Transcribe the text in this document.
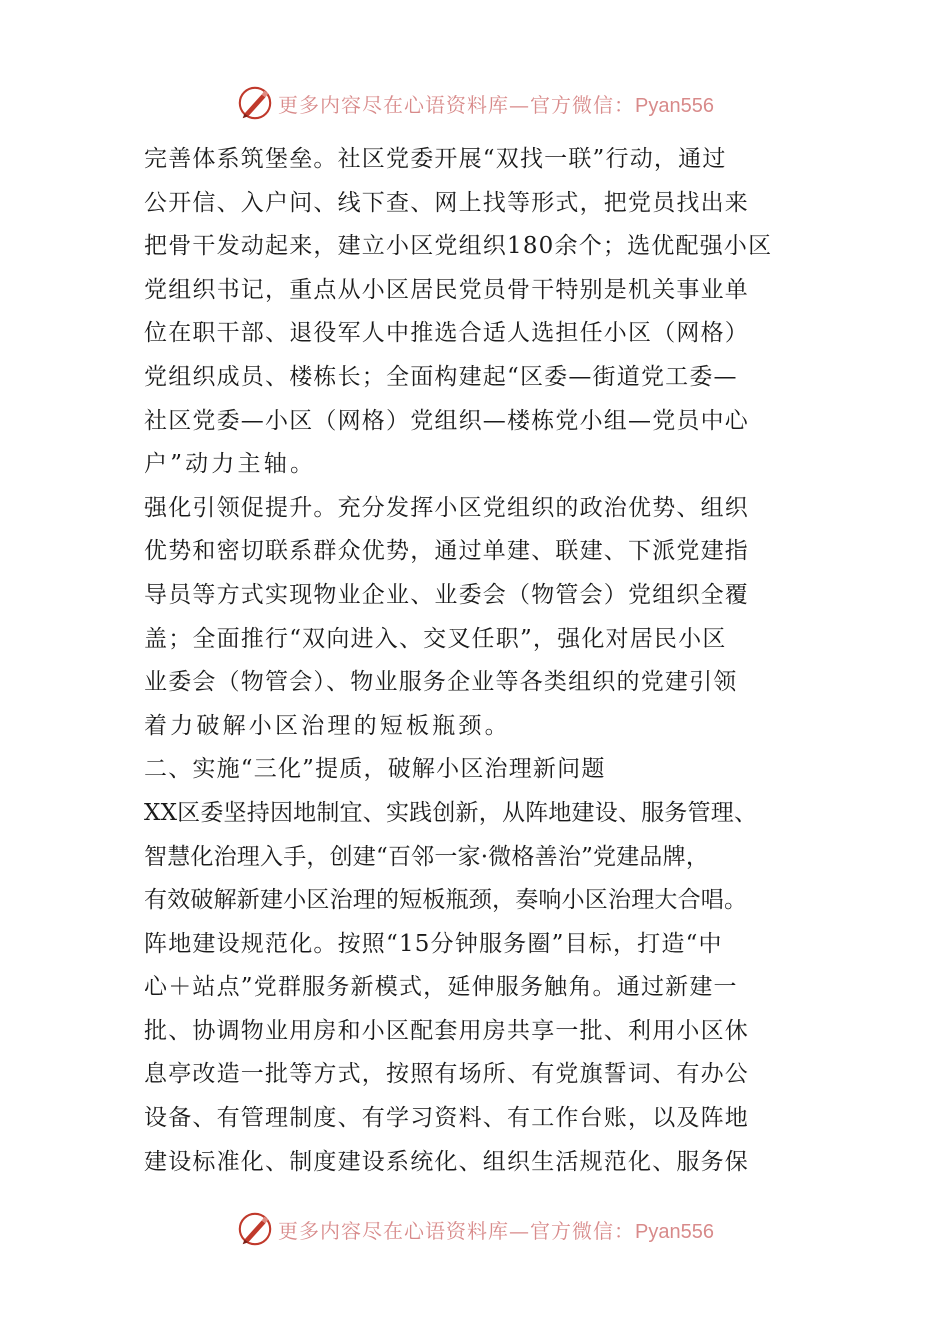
更多内容尽在心语资料库—官方微信：Pyan556
完善体系筑堡垒。社区党委开展“双找一联”行动，通过
公开信、入户问、线下查、网上找等形式，把党员找出来
把骨干发动起来，建立小区党组织180余个；选优配强小区
党组织书记，重点从小区居民党员骨干特别是机关事业单
位在职干部、退役军人中推选合适人选担任小区（网格）
党组织成员、楼栋长；全面构建起“区委—街道党工委—
社区党委—小区（网格）党组织—楼栋党小组—党员中心
户”动力主轴。
强化引领促提升。充分发挥小区党组织的政治优势、组织
优势和密切联系群众优势，通过单建、联建、下派党建指
导员等方式实现物业企业、业委会（物管会）党组织全覆
盖；全面推行“双向进入、交叉任职”，强化对居民小区
业委会（物管会）、物业服务企业等各类组织的党建引领
着力破解小区治理的短板瓶颈。
二、实施“三化”提质，破解小区治理新问题
XX区委坚持因地制宜、实践创新，从阵地建设、服务管理、
智慧化治理入手，创建“百邻一家·微格善治”党建品牌，
有效破解新建小区治理的短板瓶颈，奏响小区治理大合唱。
阵地建设规范化。按照“15分钟服务圈”目标，打造“中
心＋站点”党群服务新模式，延伸服务触角。通过新建一
批、协调物业用房和小区配套用房共享一批、利用小区休
息亭改造一批等方式，按照有场所、有党旗誓词、有办公
设备、有管理制度、有学习资料、有工作台账，以及阵地
建设标准化、制度建设系统化、组织生活规范化、服务保
更多内容尽在心语资料库—官方微信：Pyan556
